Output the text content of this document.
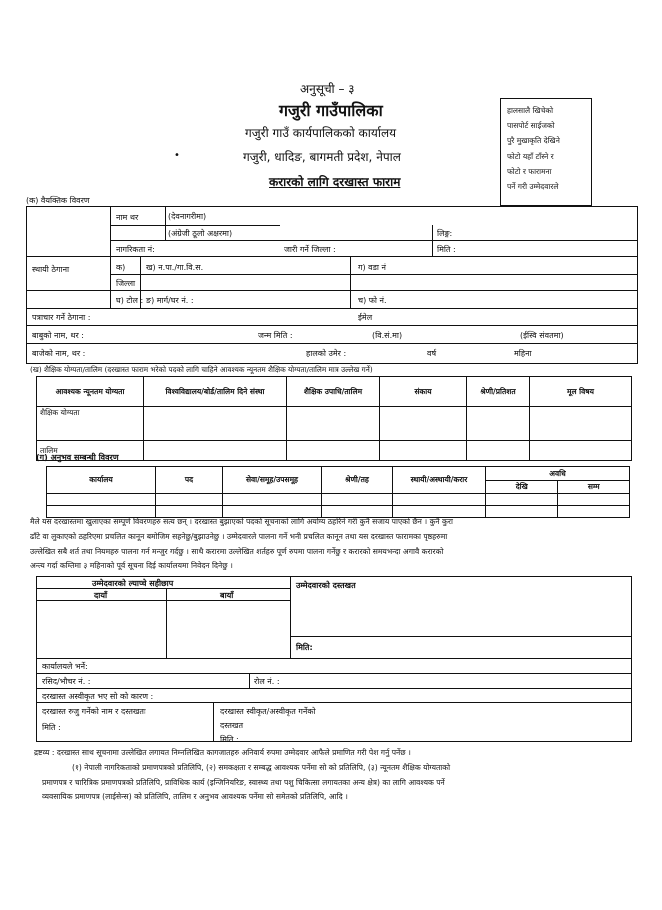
अनुसूची – ३
गजुरी गाउँपालिका
गजुरी गाउँ कार्यपालिकको कार्यालय
•	गजुरी, धादिङ, बागमती प्रदेश, नेपाल
करारको लागि दरखास्त फाराम
हालसालै खिचेको
पासपोर्ट साईजको
पुरै मुखाकृति देखिने
फोटो यहाँ टाँस्ने र
फोटो र फारामना
पर्ने गरी उम्मेदवारले
(क) वैयक्तिक विवरण
नाम थर	(देवनागरीमा)
(अंग्रेजी ठूलो अक्षरमा)	लिङ्ग:
नागरिकता नं:	जारी गर्ने जिल्ला :	मिति :
स्थायी ठेगाना	क)
जिल्ला
ख) न.पा./गा.वि.स.	ग) वडा नं
घ) टोल : ङ) मार्ग/घर नं. :	च) फो नं.
पत्राचार गर्ने ठेगाना :	ईमेल
बाबुको नाम, थर :	जन्म मिति :	(वि.सं.मा)	(ईस्वि संवतमा)
बाजेको नाम, थर :	हालको उमेर :	वर्ष	महिना
(ख) शैक्षिक योग्यता/तालिम (दरखास्त फाराम भरेको पदको लागि चाहिने आवश्यक न्यूनतम शैक्षिक योग्यता/तालिम मात्र उल्लेख गर्ने)
आवश्यक न्यूनतम योग्यता	विश्वविद्यालय/बोर्ड/तालिम दिने संस्था	शैक्षिक उपाधि/तालिम	संकाय	श्रेणी/प्रतिशत	मूल विषय
शैक्षिक योग्यता					
तालिम					
(ग) अनुभव सम्बन्धी विवरण
कार्यालय	पद	सेवा/समूह/उपसमूह	श्रेणी/तह	स्थायी/अस्थायी/करार	अवधि	
					देखि	सम्म

मैले यस दरखास्तमा खुलाएका सम्पूर्ण विवरणहरु सत्य छन् । दरखास्त बुझाएको पदको सूचनाको लागि अयोग्य ठहरिने गरी कुनै सजाय पाएको छैन । कुनै कुरा
ढाँटे वा लुकाएको ठहरिएमा प्रचलित कानून बमोजिम सहनेछु/बुझाउनेछु । उम्मेदवारले पालना गर्ने भनी प्रचलित कानून तथा यस दरखास्त फारामका पृष्ठहरुमा
उल्लेखित सबै शर्त तथा नियमहरु पालना गर्न मन्जुर गर्दछु । साथै करारमा उल्लेखित शर्तहरु पूर्ण रुपमा पालना गर्नेछु र करारको समयभन्दा अगावै करारको
अन्त्य गर्दा कम्तिमा ३ महिनाको पूर्व सूचना दिई कार्यालयमा निवेदन दिनेछु ।
उम्मेदवारको ल्याप्चे सहीछाप
दायाँ	बायाँ
उम्मेदवारको दस्तखत
मिति:
कार्यालयले भर्ने:
रसिद/भौचर नं. :	रोल नं. :
दरखास्त अस्वीकृत भए सो को कारण :
दरखास्त रुजु गर्नेको नाम र दस्तखतः
मिति :
दरखास्त स्वीकृत/अस्वीकृत गर्नेको
दस्तखत
मिति :
द्रष्टव्य : दरखास्त साथ सूचनामा उल्लेखित लगायत निम्नलिखित कागजातहरु अनिवार्य रुपमा उम्मेदवार आफैले प्रमाणित गरी पेश गर्नु पर्नेछ ।
(१) नेपाली नागरिकताको प्रमाणपत्रको प्रतिलिपि, (२) समकक्षता र सम्बद्ध आवश्यक पर्नेमा सो को प्रतिलिपि, (३) न्यूनतम शैक्षिक योग्यताको
प्रमाणपत्र र चारित्रिक प्रमाणपत्रको प्रतिलिपि, प्राविधिक कार्य (इन्जिनियरिङ, स्वास्थ्य तथा पशु चिकित्सा लगायतका अन्य क्षेत्र) का लागि आवश्यक पर्ने
व्यवसायिक प्रमाणपत्र (लाईसेन्स) को प्रतिलिपि, तालिम र अनुभव आवश्यक पर्नेमा सो समेतको प्रतिलिपि, आदि ।
